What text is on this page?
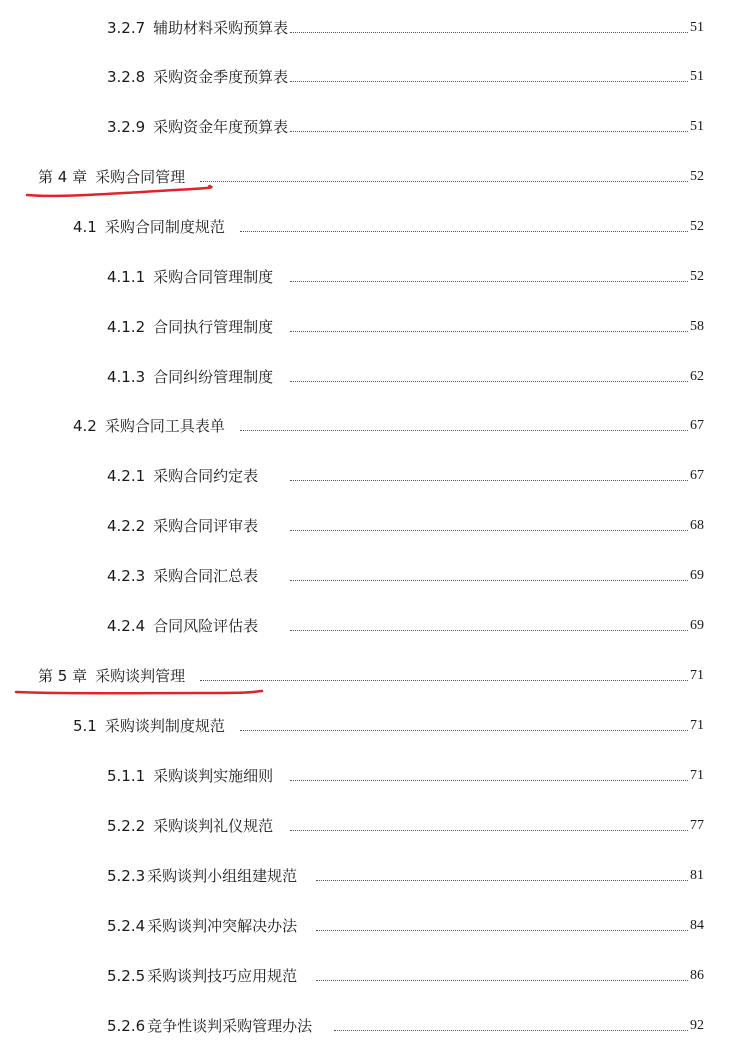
3.2.7 辅助材料采购预算表	51
3.2.8 采购资金季度预算表	51
3.2.9 采购资金年度预算表	51
第 4 章 采购合同管理	52
4.1 采购合同制度规范	52
4.1.1 采购合同管理制度	52
4.1.2 合同执行管理制度	58
4.1.3 合同纠纷管理制度	62
4.2 采购合同工具表单	67
4.2.1 采购合同约定表	67
4.2.2 采购合同评审表	68
4.2.3 采购合同汇总表	69
4.2.4 合同风险评估表	69
第 5 章 采购谈判管理	71
5.1 采购谈判制度规范	71
5.1.1 采购谈判实施细则	71
5.2.2 采购谈判礼仪规范	77
5.2.3 采购谈判小组组建规范	81
5.2.4 采购谈判冲突解决办法	84
5.2.5 采购谈判技巧应用规范	86
5.2.6 竞争性谈判采购管理办法	92
